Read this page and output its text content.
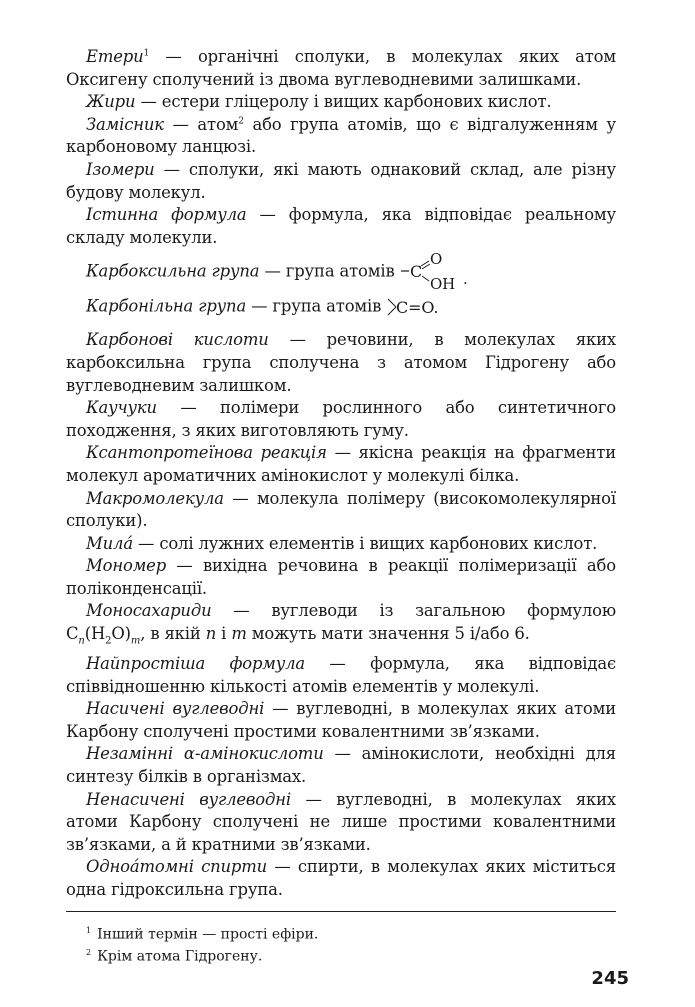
Етери$^1$ — органічні сполуки, в молекулах яких атом Оксигену сполучений із двома вуглеводневими залишками.

Жири — естери гліцеролу і вищих карбонових кислот.

Замісник — атом$^2$ або група атомів, що є відгалуженням у карбоновому ланцюзі.

Ізомери — сполуки, які мають однаковий склад, але різну будову молекул.

Істинна формула — формула, яка відповідає реальному складу молекули.

Карбоксильна група — група атомів C
O
OH .

Карбонільна група — група атомів C=O.

Карбонові кислоти — речовини, в молекулах яких карбоксильна група сполучена з атомом Гідрогену або вуглеводневим залишком.

Каучуки — полімери рослинного або синтетичного походження, з яких виготовляють гуму.

Ксантопротеїнова реакція — якісна реакція на фрагменти молекул ароматичних амінокислот у молекулі білка.

Макромолекула — молекула полімеру (високомолекулярної сполуки).

Мила́ — солі лужних елементів і вищих карбонових кислот.

Мономер — вихідна речовина в реакції полімеризації або поліконденсації.

Моносахариди — вуглеводи із загальною формулою $C_n(H_2O)_m$, в якій n і m можуть мати значення 5 і/або 6.

Найпростіша формула — формула, яка відповідає співвідношенню кількості атомів елементів у молекулі.

Насичені вуглеводні — вуглеводні, в молекулах яких атоми Карбону сполучені простими ковалентними зв’язками.

Незамінні α-амінокислоти — амінокислоти, необхідні для синтезу білків в організмах.

Ненасичені вуглеводні — вуглеводні, в молекулах яких атоми Карбону сполучені не лише простими ковалентними зв’язками, а й кратними зв’язками.

Одноа́томні спирти — спирти, в молекулах яких міститься одна гідроксильна група.

$^1$ Інший термін — прості ефіри.
$^2$ Крім атома Гідрогену.
245
